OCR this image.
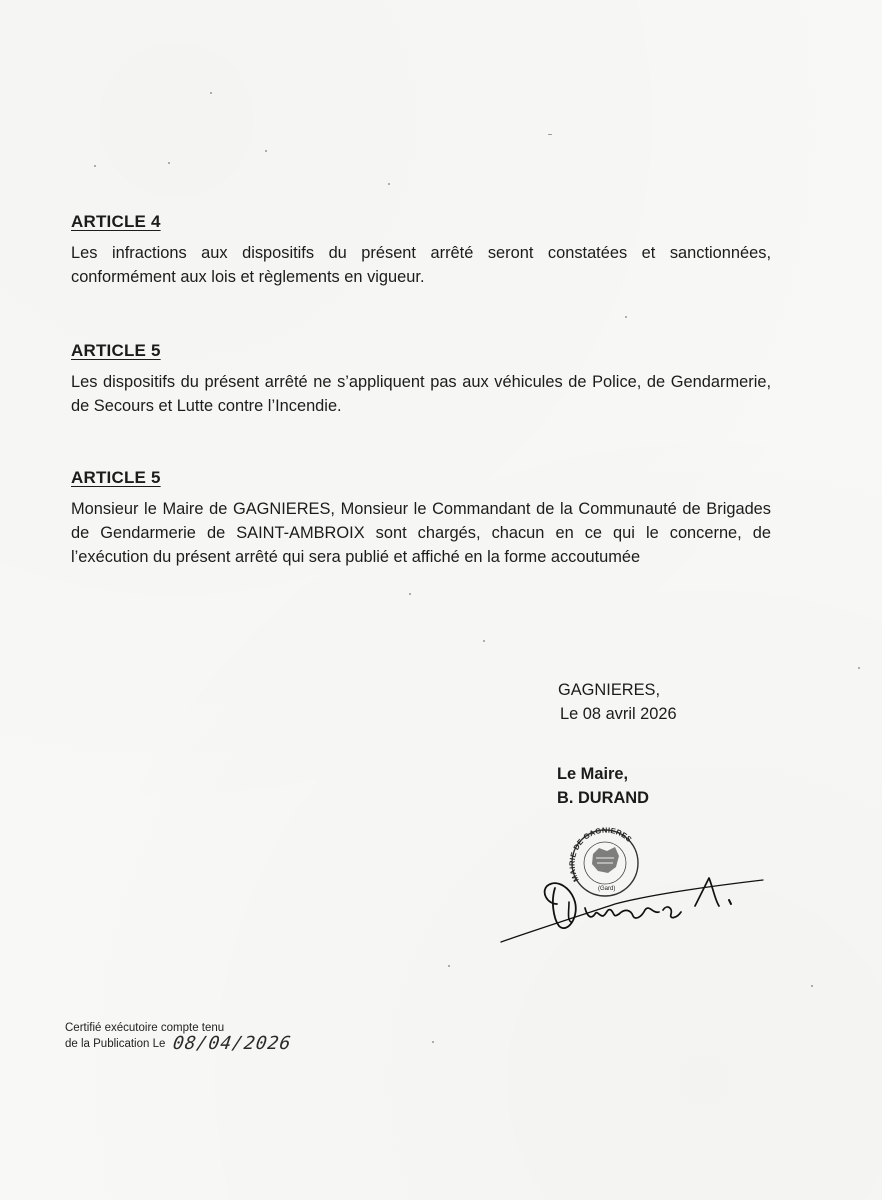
ARTICLE 4

Les infractions aux dispositifs du présent arrêté seront constatées et sanctionnées, conformément aux lois et règlements en vigueur.

ARTICLE 5

Les dispositifs du présent arrêté ne s’appliquent pas aux véhicules de Police, de Gendarmerie, de Secours et Lutte contre l’Incendie.

ARTICLE 5

Monsieur le Maire de GAGNIERES, Monsieur le Commandant de la Communauté de Brigades de Gendarmerie de SAINT-AMBROIX sont chargés, chacun en ce qui le concerne, de l’exécution du présent arrêté qui sera publié et affiché en la forme accoutumée

GAGNIERES,
Le 08 avril 2026
Le Maire,
B. DURAND
MAIRIE DE GAGNIERES
(Gard)
Certifié exécutoire compte tenu
de la Publication Le 08/04/2026
